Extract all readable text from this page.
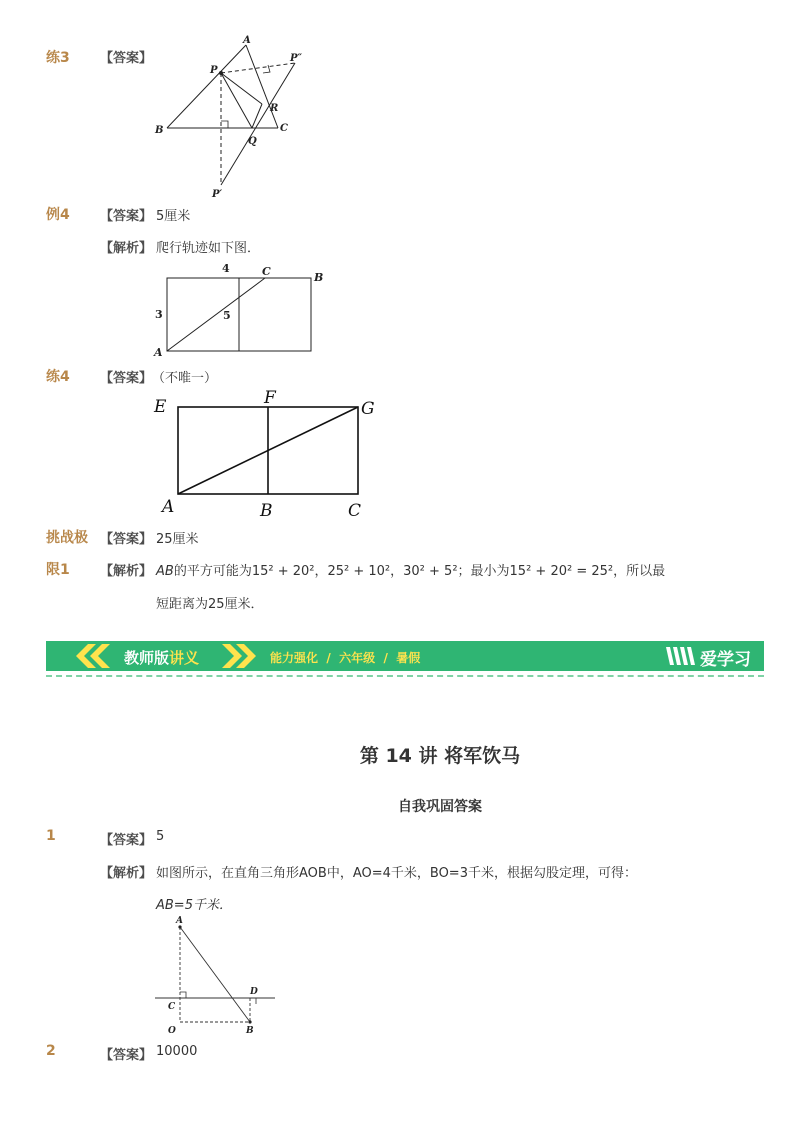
练3 【答案】
A
P
P″
R
B
Q
C
P′
例4 【答案】 5厘米
【解析】 爬行轨迹如下图．
4	C	B
3	5
A
练4 【答案】 （不唯一）
E	F
G
A	B	C
挑战极 【答案】 25厘米
限1 【解析】 AB的平方可能为15² + 20²，25² + 10²，30² + 5²；最小为15² + 20² = 25²，所以最
短距离为25厘米．
教师版讲义	能力强化 / 六年级 / 暑假	爱学习
第 14 讲 将军饮马
自我巩固答案
1	【答案】 5
【解析】 如图所示，在直角三角形AOB中，AO=4千米，BO=3千米，根据勾股定理，可得：
AB=5千米．
A
D
C
O	B
2	【答案】 10000
